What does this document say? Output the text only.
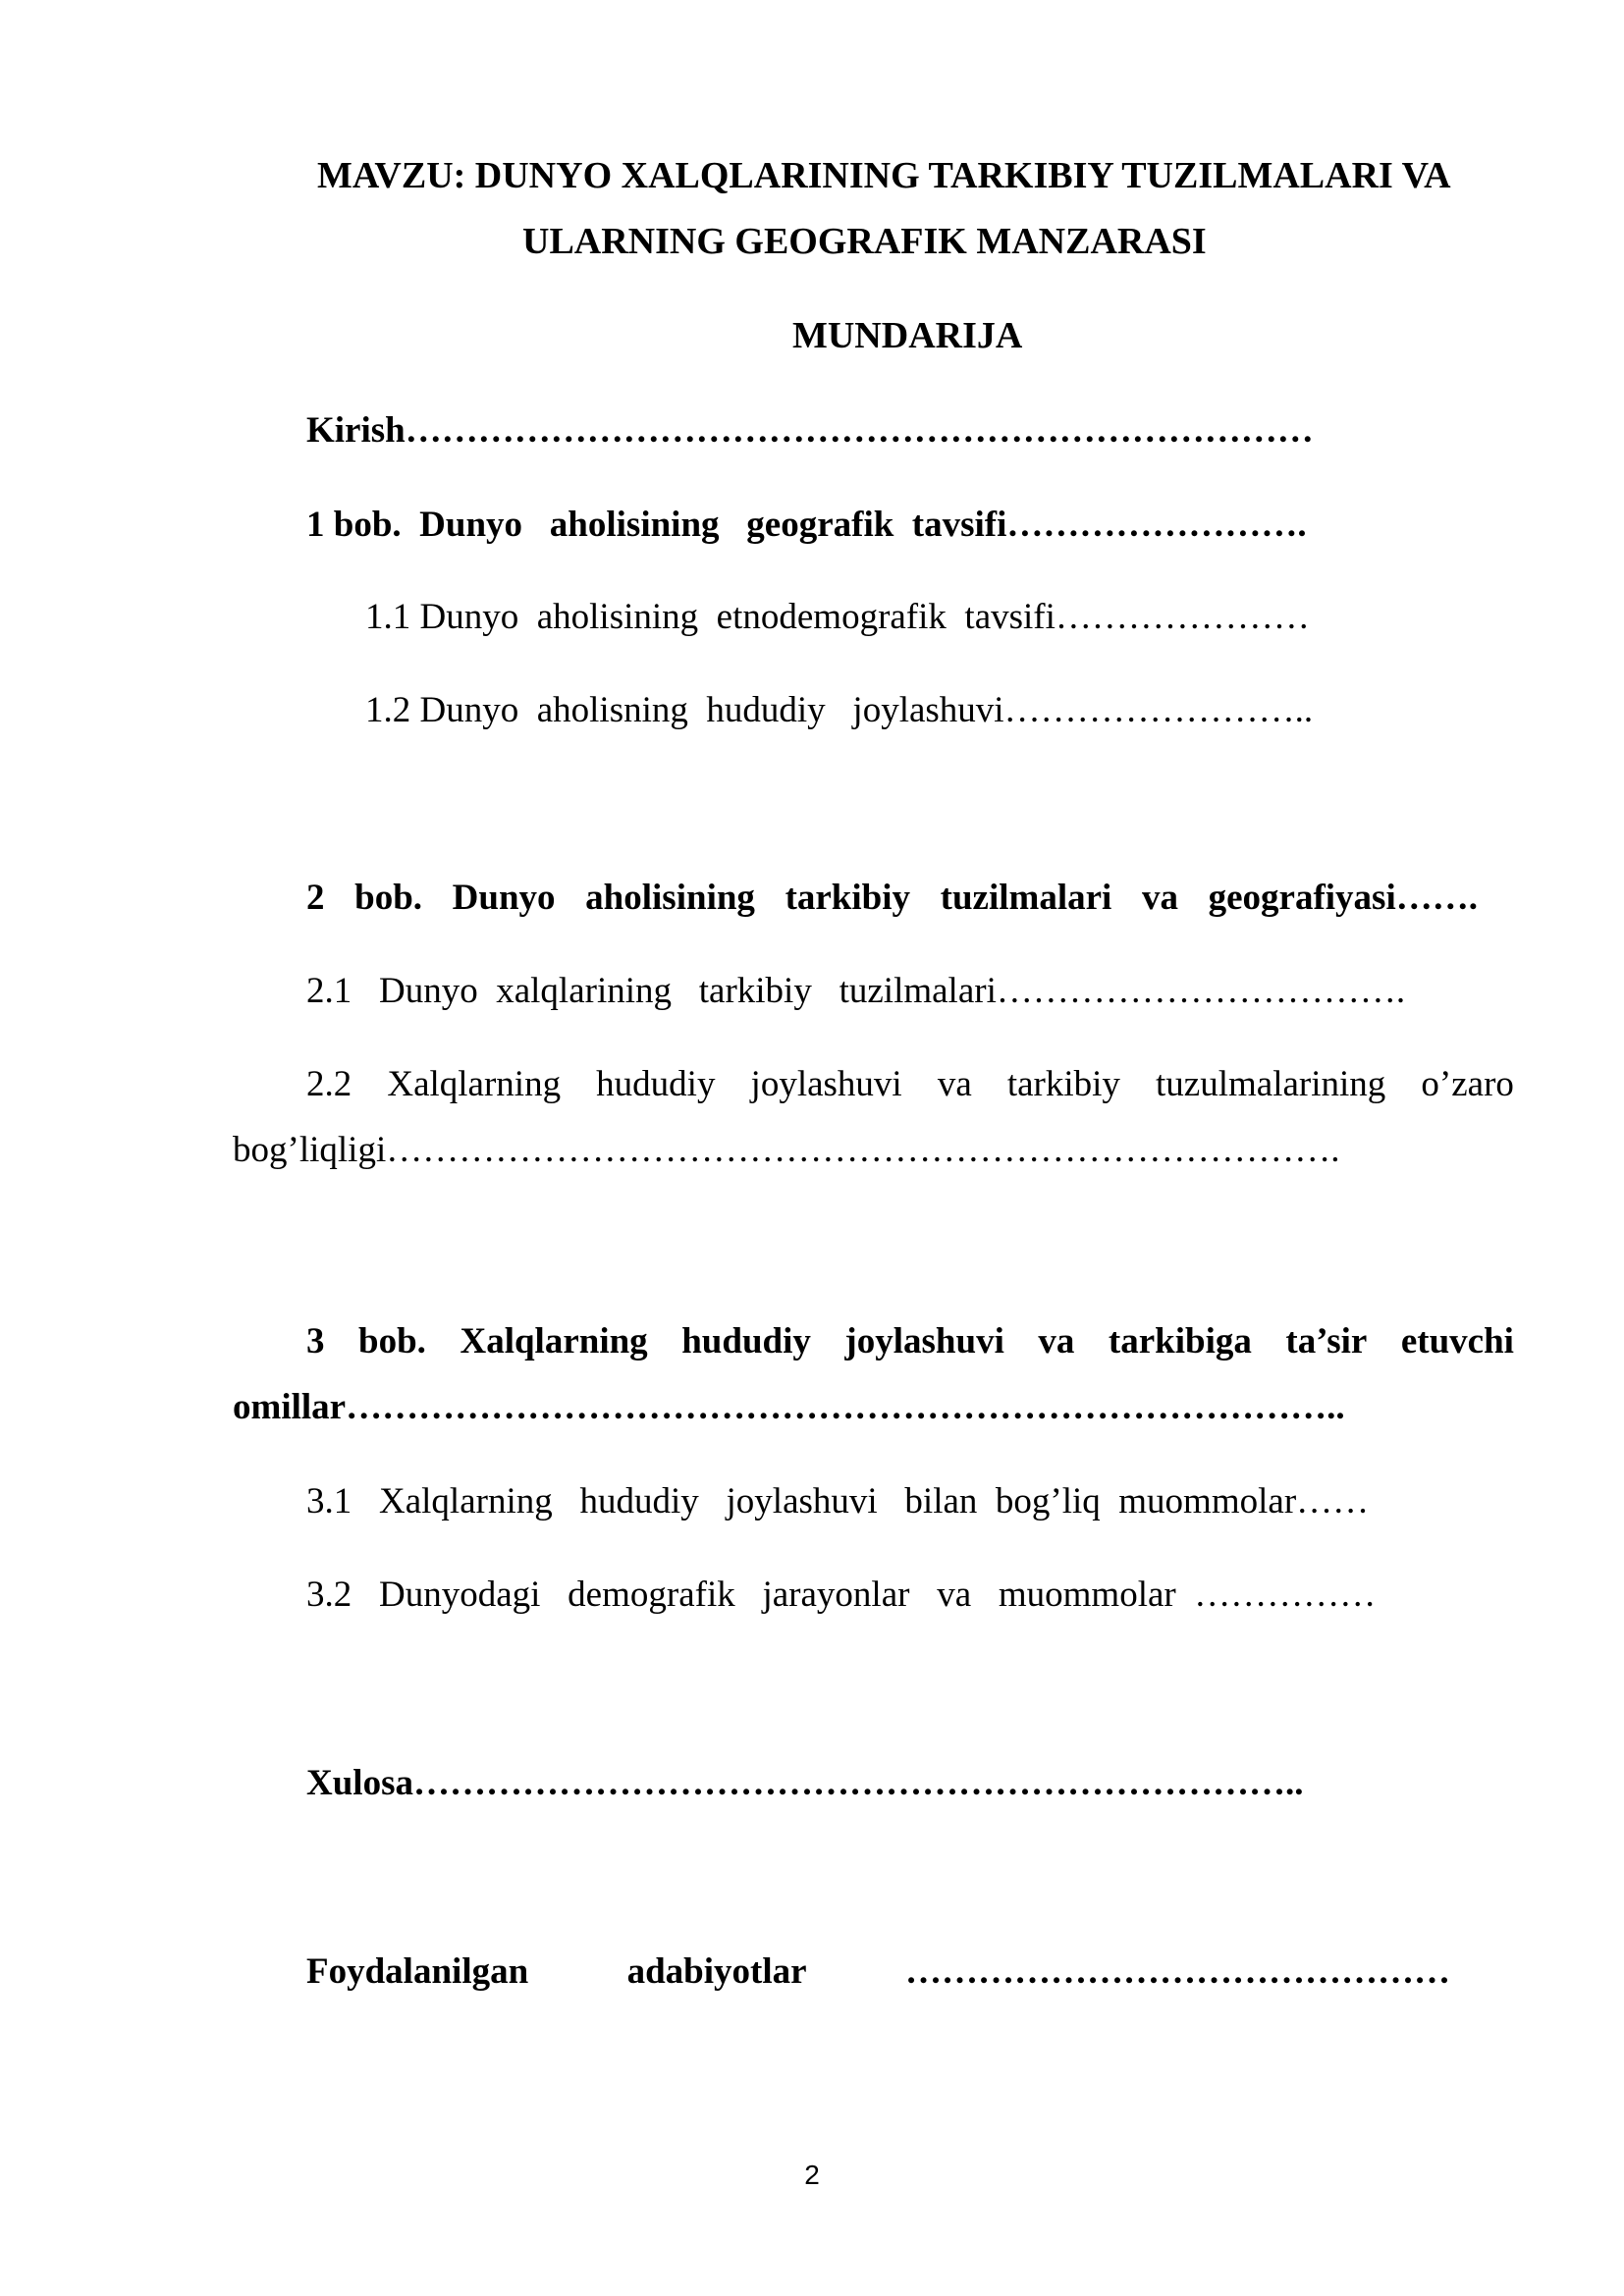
MAVZU: DUNYO XALQLARINING TARKIBIY TUZILMALARI VA
ULARNING GEOGRAFIK MANZARASI
MUNDARIJA
Kirish…………………………………………………………………
1 bob.  Dunyo   aholisining   geografik  tavsifi…………………….
1.1 Dunyo  aholisining  etnodemografik  tavsifi…………………
1.2 Dunyo  aholisning  hududiy   joylashuvi……………………..
2 bob. Dunyo aholisining tarkibiy tuzilmalari va geografiyasi…….
2.1   Dunyo  xalqlarining   tarkibiy   tuzilmalari…………………………….
2.2 Xalqlarning hududiy joylashuvi va tarkibiy tuzulmalarining o’zaro
bog’liqligi…………………………………………………………………….
3 bob. Xalqlarning hududiy joylashuvi va tarkibiga ta’sir etuvchi
omillar………………………………………………………………………..
3.1   Xalqlarning   hududiy   joylashuvi   bilan  bog’liq  muommolar……
3.2   Dunyodagi   demografik   jarayonlar   va   muommolar  ……………
Xulosa………………………………………………………………..
Foydalanilgan	adabiyotlar	………………………………………
2
